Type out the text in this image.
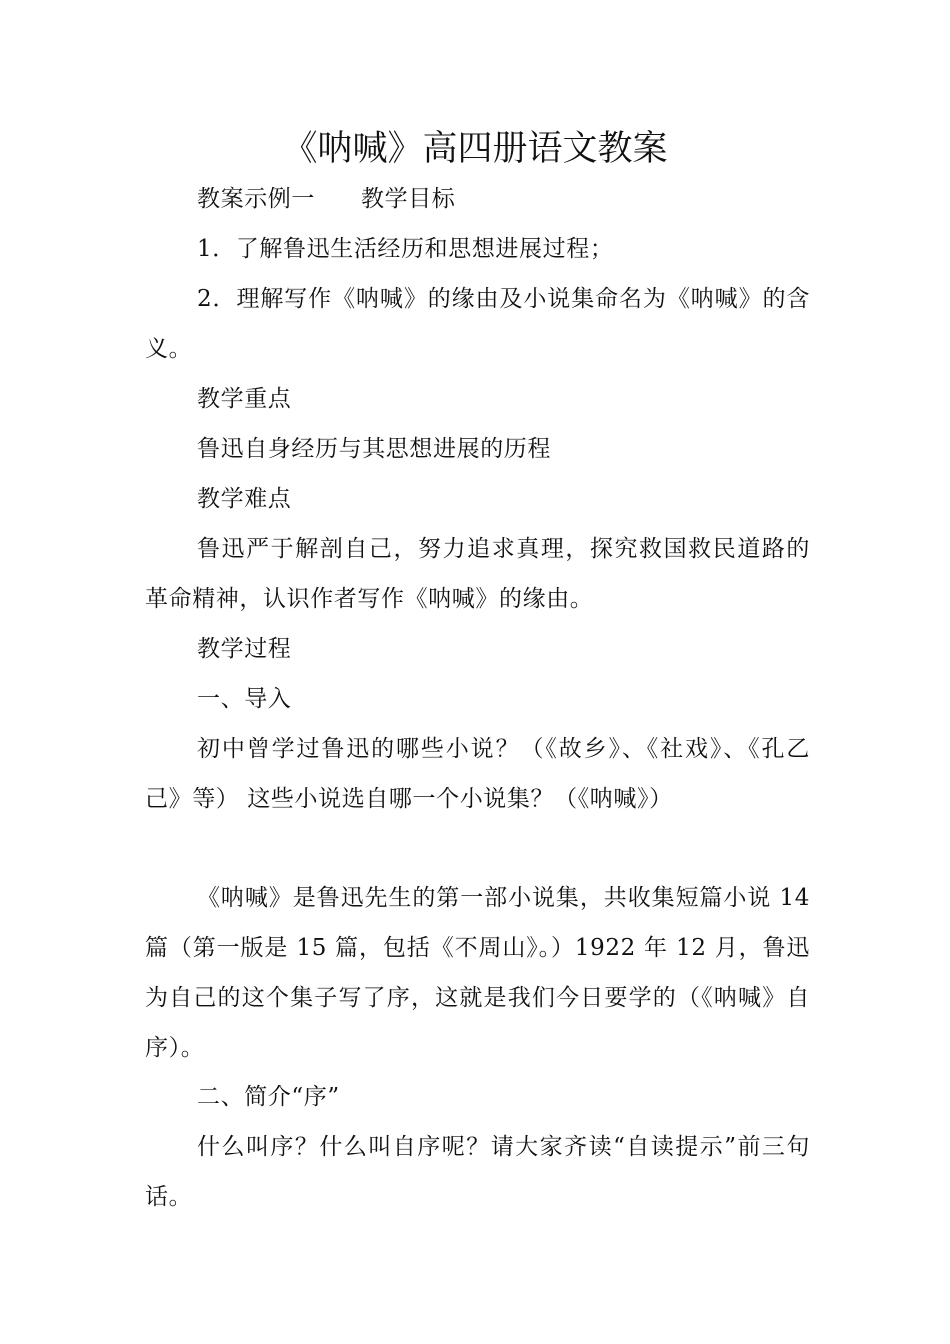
《呐喊》高四册语文教案

教案示例一 教学目标

1．了解鲁迅生活经历和思想进展过程；

2．理解写作《呐喊》的缘由及小说集命名为《呐喊》的含义。

教学重点

鲁迅自身经历与其思想进展的历程

教学难点

鲁迅严于解剖自己，努力追求真理，探究救国救民道路的革命精神，认识作者写作《呐喊》的缘由。

教学过程

一、导入

初中曾学过鲁迅的哪些小说？（《故乡》、《社戏》、《孔乙己》等） 这些小说选自哪一个小说集？（《呐喊》）

《呐喊》是鲁迅先生的第一部小说集，共收集短篇小说 14 篇（第一版是 15 篇，包括《不周山》。）1922 年 12 月，鲁迅为自己的这个集子写了序，这就是我们今日要学的（《呐喊》自序）。

二、简介“序”

什么叫序？什么叫自序呢？请大家齐读“自读提示”前三句话。
